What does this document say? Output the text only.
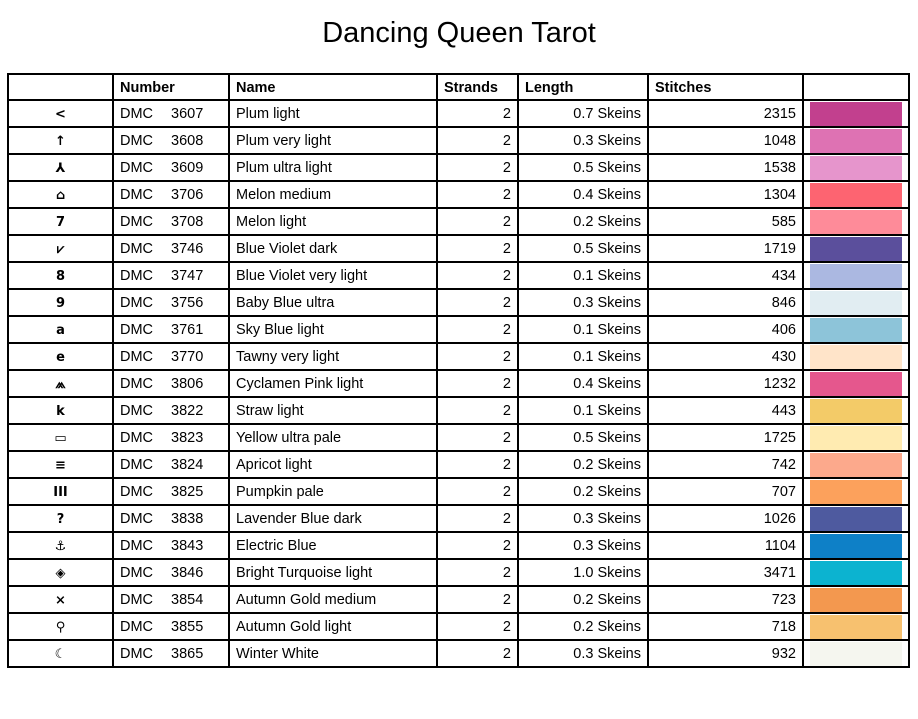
Dancing Queen Tarot
	Number	Name	Strands	Length	Stitches	
<	DMC 3607	Plum light	2	0.7 Skeins	2315	

↑	DMC 3608	Plum very light	2	0.3 Skeins	1048	

⅄	DMC 3609	Plum ultra light	2	0.5 Skeins	1538	

⌂	DMC 3706	Melon medium	2	0.4 Skeins	1304	

7	DMC 3708	Melon light	2	0.2 Skeins	585	

⩗	DMC 3746	Blue Violet dark	2	0.5 Skeins	1719	

8	DMC 3747	Blue Violet very light	2	0.1 Skeins	434	

9	DMC 3756	Baby Blue ultra	2	0.3 Skeins	846	

a	DMC 3761	Sky Blue light	2	0.1 Skeins	406	

e	DMC 3770	Tawny very light	2	0.1 Skeins	430	

⩕	DMC 3806	Cyclamen Pink light	2	0.4 Skeins	1232	

k	DMC 3822	Straw light	2	0.1 Skeins	443	

▭	DMC 3823	Yellow ultra pale	2	0.5 Skeins	1725	

≡	DMC 3824	Apricot light	2	0.2 Skeins	742	

III	DMC 3825	Pumpkin pale	2	0.2 Skeins	707	

?	DMC 3838	Lavender Blue dark	2	0.3 Skeins	1026	

⚓	DMC 3843	Electric Blue	2	0.3 Skeins	1104	

◈	DMC 3846	Bright Turquoise light	2	1.0 Skeins	3471	

⨯	DMC 3854	Autumn Gold medium	2	0.2 Skeins	723	

⚲	DMC 3855	Autumn Gold light	2	0.2 Skeins	718	

☾	DMC 3865	Winter White	2	0.3 Skeins	932	
